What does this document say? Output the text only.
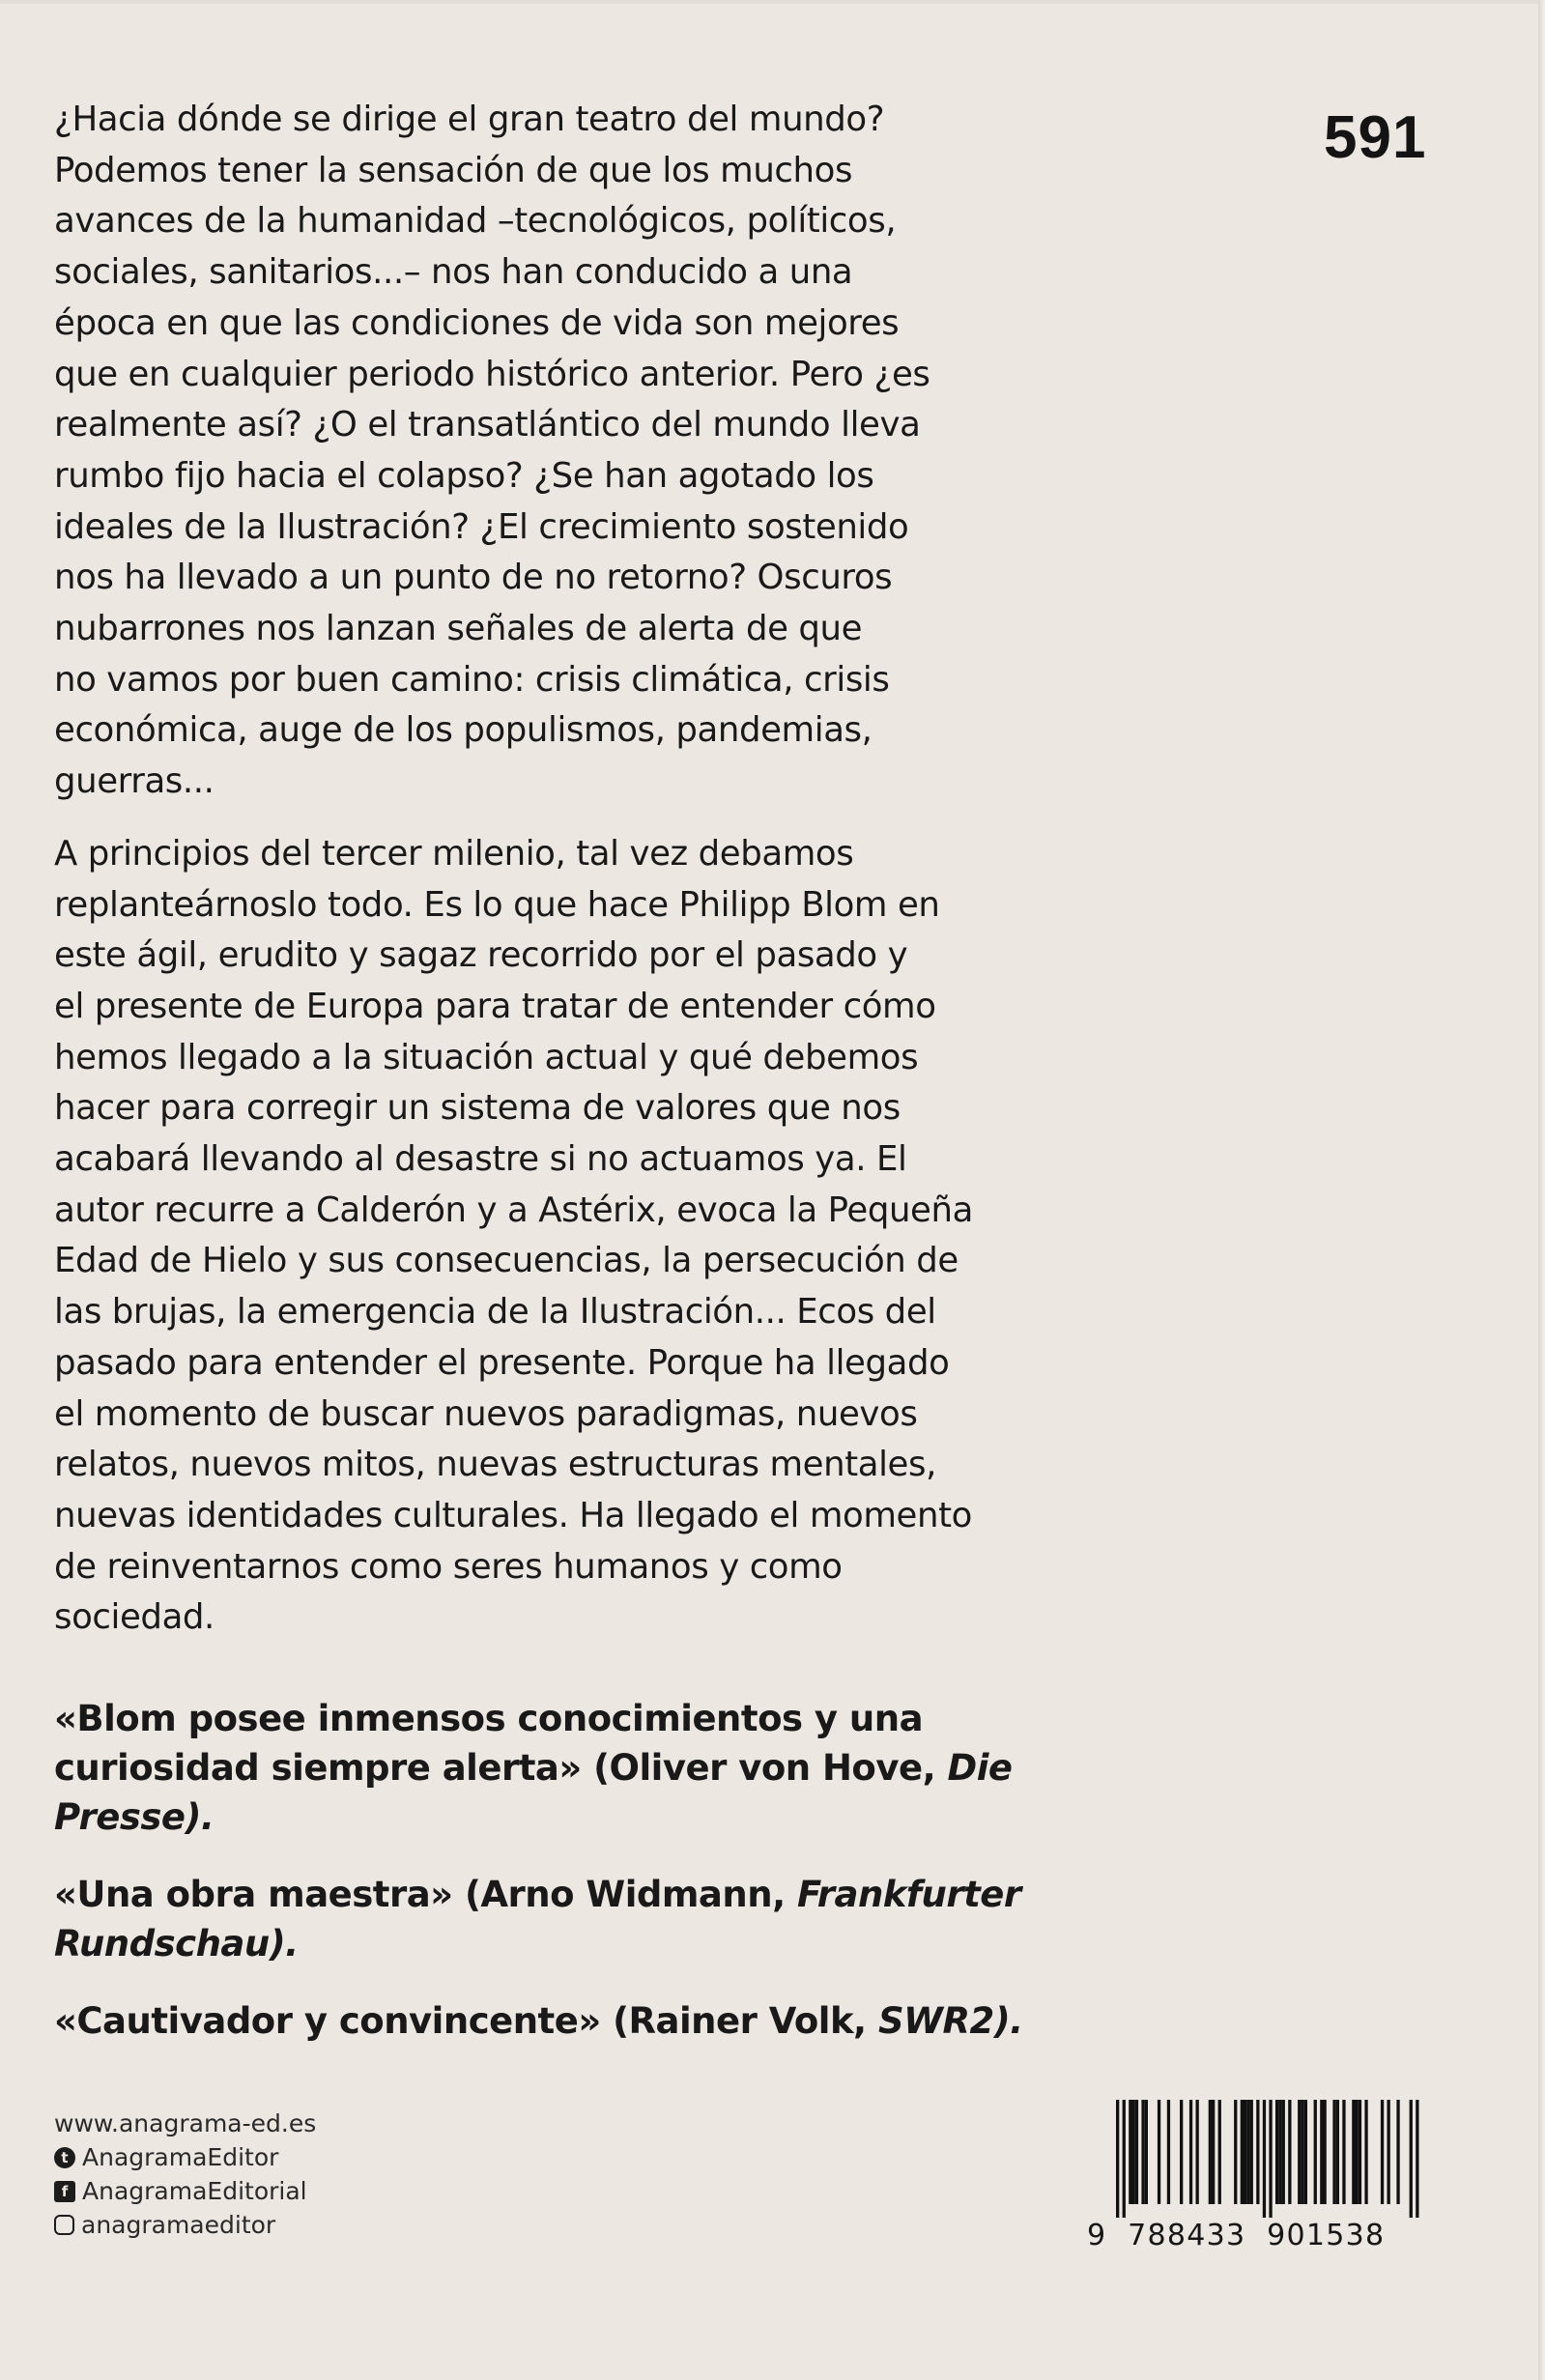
591
¿Hacia dónde se dirige el gran teatro del mundo?
Podemos tener la sensación de que los muchos
avances de la humanidad –tecnológicos, políticos,
sociales, sanitarios...– nos han conducido a una
época en que las condiciones de vida son mejores
que en cualquier periodo histórico anterior. Pero ¿es
realmente así? ¿O el transatlántico del mundo lleva
rumbo fijo hacia el colapso? ¿Se han agotado los
ideales de la Ilustración? ¿El crecimiento sostenido
nos ha llevado a un punto de no retorno? Oscuros
nubarrones nos lanzan señales de alerta de que
no vamos por buen camino: crisis climática, crisis
económica, auge de los populismos, pandemias,
guerras...
A principios del tercer milenio, tal vez debamos
replanteárnoslo todo. Es lo que hace Philipp Blom en
este ágil, erudito y sagaz recorrido por el pasado y
el presente de Europa para tratar de entender cómo
hemos llegado a la situación actual y qué debemos
hacer para corregir un sistema de valores que nos
acabará llevando al desastre si no actuamos ya. El
autor recurre a Calderón y a Astérix, evoca la Pequeña
Edad de Hielo y sus consecuencias, la persecución de
las brujas, la emergencia de la Ilustración... Ecos del
pasado para entender el presente. Porque ha llegado
el momento de buscar nuevos paradigmas, nuevos
relatos, nuevos mitos, nuevas estructuras mentales,
nuevas identidades culturales. Ha llegado el momento
de reinventarnos como seres humanos y como
sociedad.
«Blom posee inmensos conocimientos y una
curiosidad siempre alerta» (Oliver von Hove, Die
Presse).
«Una obra maestra» (Arno Widmann, Frankfurter
Rundschau).
«Cautivador y convincente» (Rainer Volk, SWR2).
www.anagrama-ed.es
t AnagramaEditor
f AnagramaEditorial
anagramaeditor	9 788433 901538
